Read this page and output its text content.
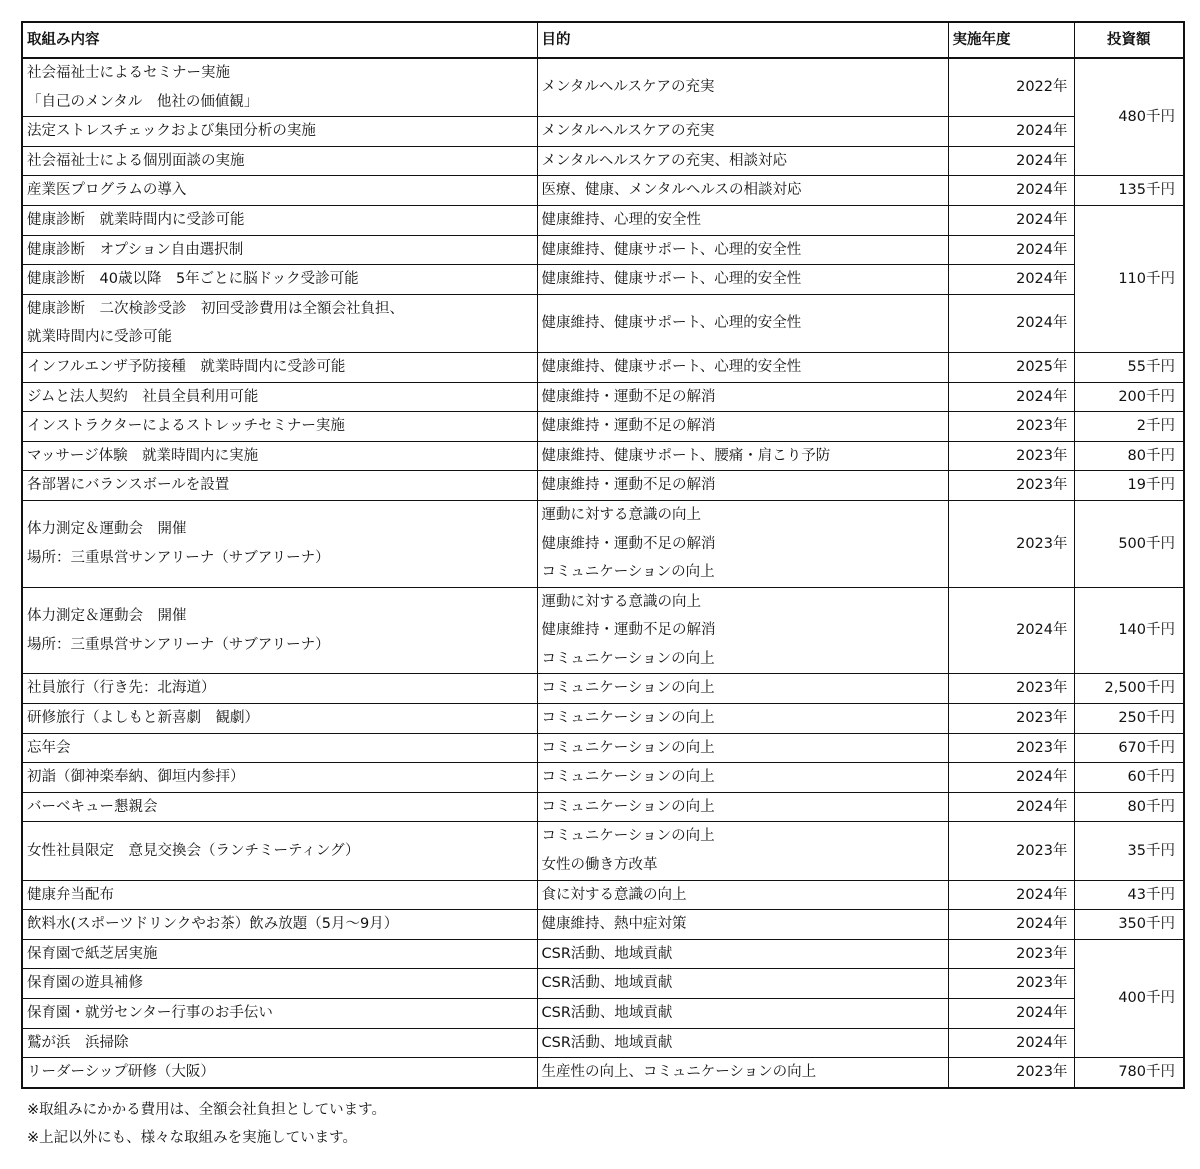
取組み内容	目的	実施年度	投資額

社会福祉士によるセミナー実施
「自己のメンタル　他社の価値観」	メンタルヘルスケアの充実	2022年	480千円

法定ストレスチェックおよび集団分析の実施	メンタルヘルスケアの充実	2024年	

社会福祉士による個別面談の実施	メンタルヘルスケアの充実、相談対応	2024年	

産業医プログラムの導入	医療、健康、メンタルヘルスの相談対応	2024年	135千円

健康診断　就業時間内に受診可能	健康維持、心理的安全性	2024年	110千円

健康診断　オプション自由選択制	健康維持、健康サポート、心理的安全性	2024年	

健康診断　40歳以降　5年ごとに脳ドック受診可能	健康維持、健康サポート、心理的安全性	2024年	

健康診断　二次検診受診　初回受診費用は全額会社負担、
就業時間内に受診可能	健康維持、健康サポート、心理的安全性	2024年	

インフルエンザ予防接種　就業時間内に受診可能	健康維持、健康サポート、心理的安全性	2025年	55千円

ジムと法人契約　社員全員利用可能	健康維持・運動不足の解消	2024年	200千円

インストラクターによるストレッチセミナー実施	健康維持・運動不足の解消	2023年	2千円

マッサージ体験　就業時間内に実施	健康維持、健康サポート、腰痛・肩こり予防	2023年	80千円

各部署にバランスボールを設置	健康維持・運動不足の解消	2023年	19千円

体力測定＆運動会　開催
場所：三重県営サンアリーナ（サブアリーナ）	運動に対する意識の向上
健康維持・運動不足の解消
コミュニケーションの向上	2023年	500千円

体力測定＆運動会　開催
場所：三重県営サンアリーナ（サブアリーナ）	運動に対する意識の向上
健康維持・運動不足の解消
コミュニケーションの向上	2024年	140千円

社員旅行（行き先：北海道）	コミュニケーションの向上	2023年	2,500千円

研修旅行（よしもと新喜劇　観劇）	コミュニケーションの向上	2023年	250千円

忘年会	コミュニケーションの向上	2023年	670千円

初詣（御神楽奉納、御垣内参拝）	コミュニケーションの向上	2024年	60千円

バーベキュー懇親会	コミュニケーションの向上	2024年	80千円

女性社員限定　意見交換会（ランチミーティング）	コミュニケーションの向上
女性の働き方改革	2023年	35千円

健康弁当配布	食に対する意識の向上	2024年	43千円

飲料水(スポーツドリンクやお茶）飲み放題（5月～9月）	健康維持、熱中症対策	2024年	350千円

保育園で紙芝居実施	CSR活動、地域貢献	2023年	400千円

保育園の遊具補修	CSR活動、地域貢献	2023年	

保育園・就労センター行事のお手伝い	CSR活動、地域貢献	2024年	

鷲が浜　浜掃除	CSR活動、地域貢献	2024年	

リーダーシップ研修（大阪）	生産性の向上、コミュニケーションの向上	2023年	780千円
※取組みにかかる費用は、全額会社負担としています。
※上記以外にも、様々な取組みを実施しています。
